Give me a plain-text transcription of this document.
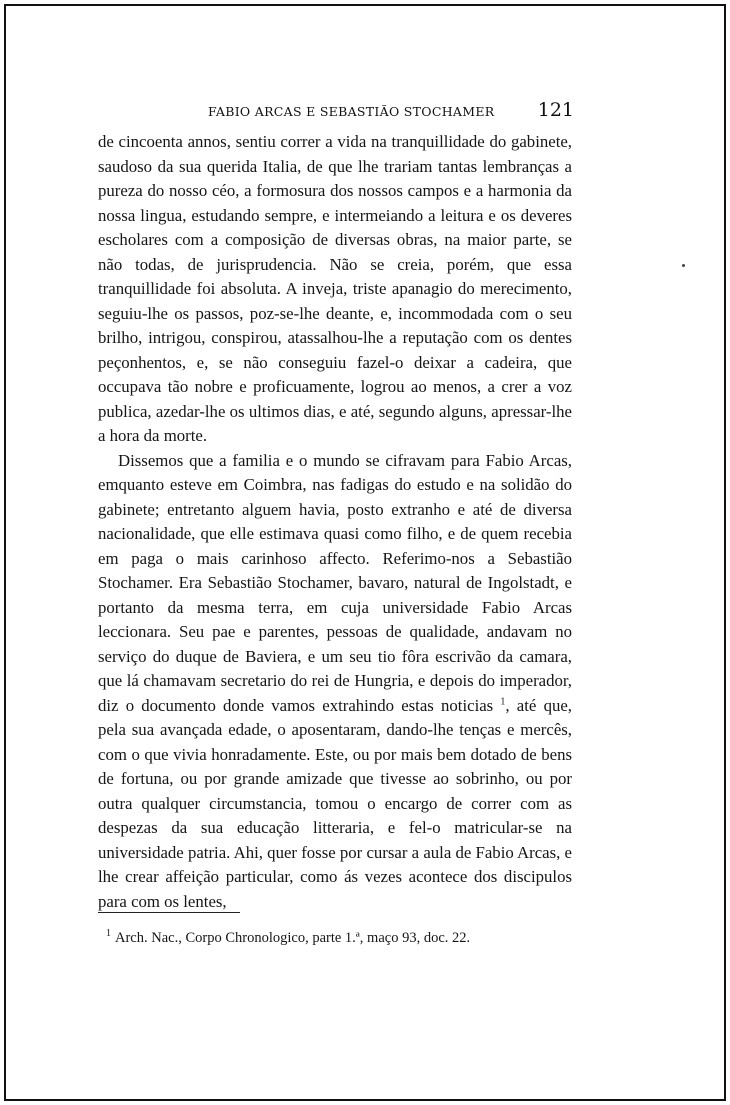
FABIO ARCAS E SEBASTIÃO STOCHAMER 121

de cincoenta annos, sentiu correr a vida na tranquillidade do gabinete, saudoso da sua querida Italia, de que lhe trariam tantas lembranças a pureza do nosso céo, a formosura dos nossos campos e a harmonia da nossa lingua, estudando sempre, e intermeiando a leitura e os deveres escholares com a composição de diversas obras, na maior parte, se não todas, de jurisprudencia. Não se creia, porém, que essa tranquillidade foi absoluta. A inveja, triste apanagio do merecimento, seguiu-lhe os passos, poz-se-lhe deante, e, incommodada com o seu brilho, intrigou, conspirou, atassalhou-lhe a reputação com os dentes peçonhentos, e, se não conseguiu fazel-o deixar a cadeira, que occupava tão nobre e proficuamente, logrou ao menos, a crer a voz publica, azedar-lhe os ultimos dias, e até, segundo alguns, apressar-lhe a hora da morte.

Dissemos que a familia e o mundo se cifravam para Fabio Arcas, emquanto esteve em Coimbra, nas fadigas do estudo e na solidão do gabinete; entretanto alguem havia, posto extranho e até de diversa nacionalidade, que elle estimava quasi como filho, e de quem recebia em paga o mais carinhoso affecto. Referimo-nos a Sebastião Stochamer. Era Sebastião Stochamer, bavaro, natural de Ingolstadt, e portanto da mesma terra, em cuja universidade Fabio Arcas leccionara. Seu pae e parentes, pessoas de qualidade, andavam no serviço do duque de Baviera, e um seu tio fôra escrivão da camara, que lá chamavam secretario do rei de Hungria, e depois do imperador, diz o documento donde vamos extrahindo estas noticias $^1$, até que, pela sua avançada edade, o aposentaram, dando-lhe tenças e mercês, com o que vivia honradamente. Este, ou por mais bem dotado de bens de fortuna, ou por grande amizade que tivesse ao sobrinho, ou por outra qualquer circumstancia, tomou o encargo de correr com as despezas da sua educação litteraria, e fel-o matricular-se na universidade patria. Ahi, quer fosse por cursar a aula de Fabio Arcas, e lhe crear affeição particular, como ás vezes acontece dos discipulos para com os lentes,

$^1$ Arch. Nac., Corpo Chronologico, parte 1.ª, maço 93, doc. 22.
